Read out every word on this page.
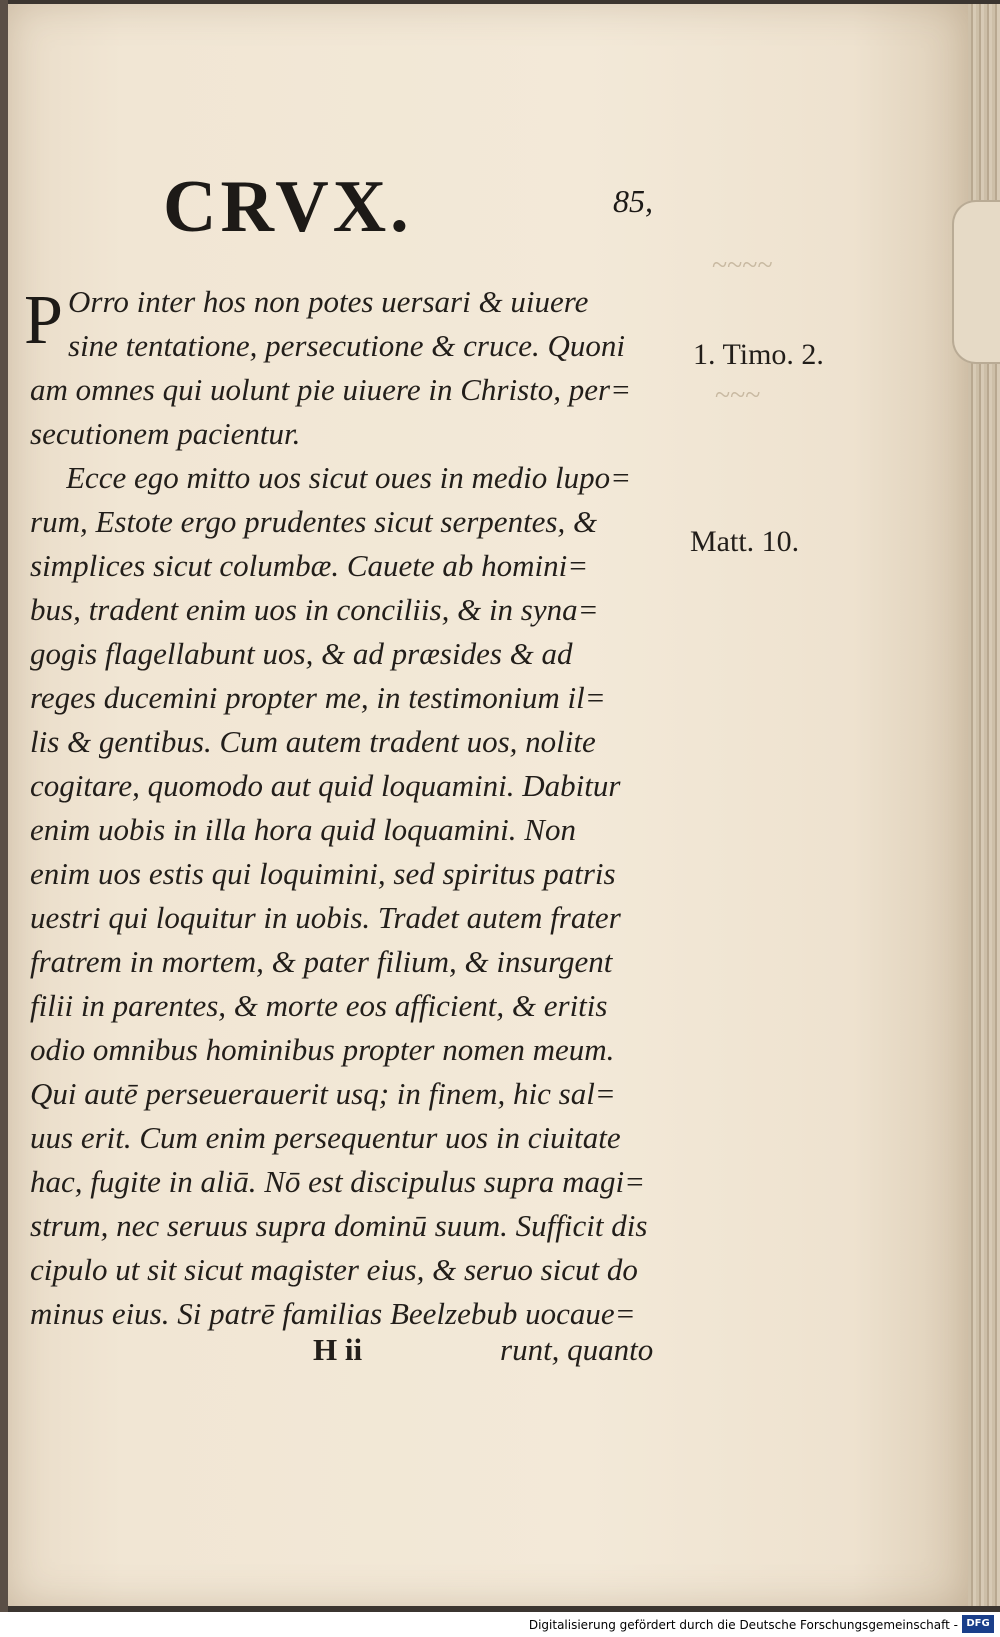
~~~~
~~~
CRVX.	85,
P Orro inter hos non potes uersari & uiuere
sine tentatione, persecutione & cruce. Quoni
am omnes qui uolunt pie uiuere in Christo, per=
secutionem pacientur.
Ecce ego mitto uos sicut oues in medio lupo=
rum, Estote ergo prudentes sicut serpentes, &
simplices sicut columbæ. Cauete ab homini=
bus, tradent enim uos in conciliis, & in syna=
gogis flagellabunt uos, & ad præsides & ad
reges ducemini propter me, in testimonium il=
lis & gentibus. Cum autem tradent uos, nolite
cogitare, quomodo aut quid loquamini. Dabitur
enim uobis in illa hora quid loquamini. Non
enim uos estis qui loquimini, sed spiritus patris
uestri qui loquitur in uobis. Tradet autem frater
fratrem in mortem, & pater filium, & insurgent
filii in parentes, & morte eos afficient, & eritis
odio omnibus hominibus propter nomen meum.
Qui autē perseuerauerit usq; in finem, hic sal=
uus erit. Cum enim persequentur uos in ciuitate
hac, fugite in aliā. Nō est discipulus supra magi=
strum, nec seruus supra dominū suum. Sufficit dis
cipulo ut sit sicut magister eius, & seruo sicut do
minus eius. Si patrē familias Beelzebub uocaue=
1. Timo. 2.
Matt. 10.
H ii	runt, quanto
Digitalisierung gefördert durch die Deutsche Forschungsgemeinschaft - DFG
